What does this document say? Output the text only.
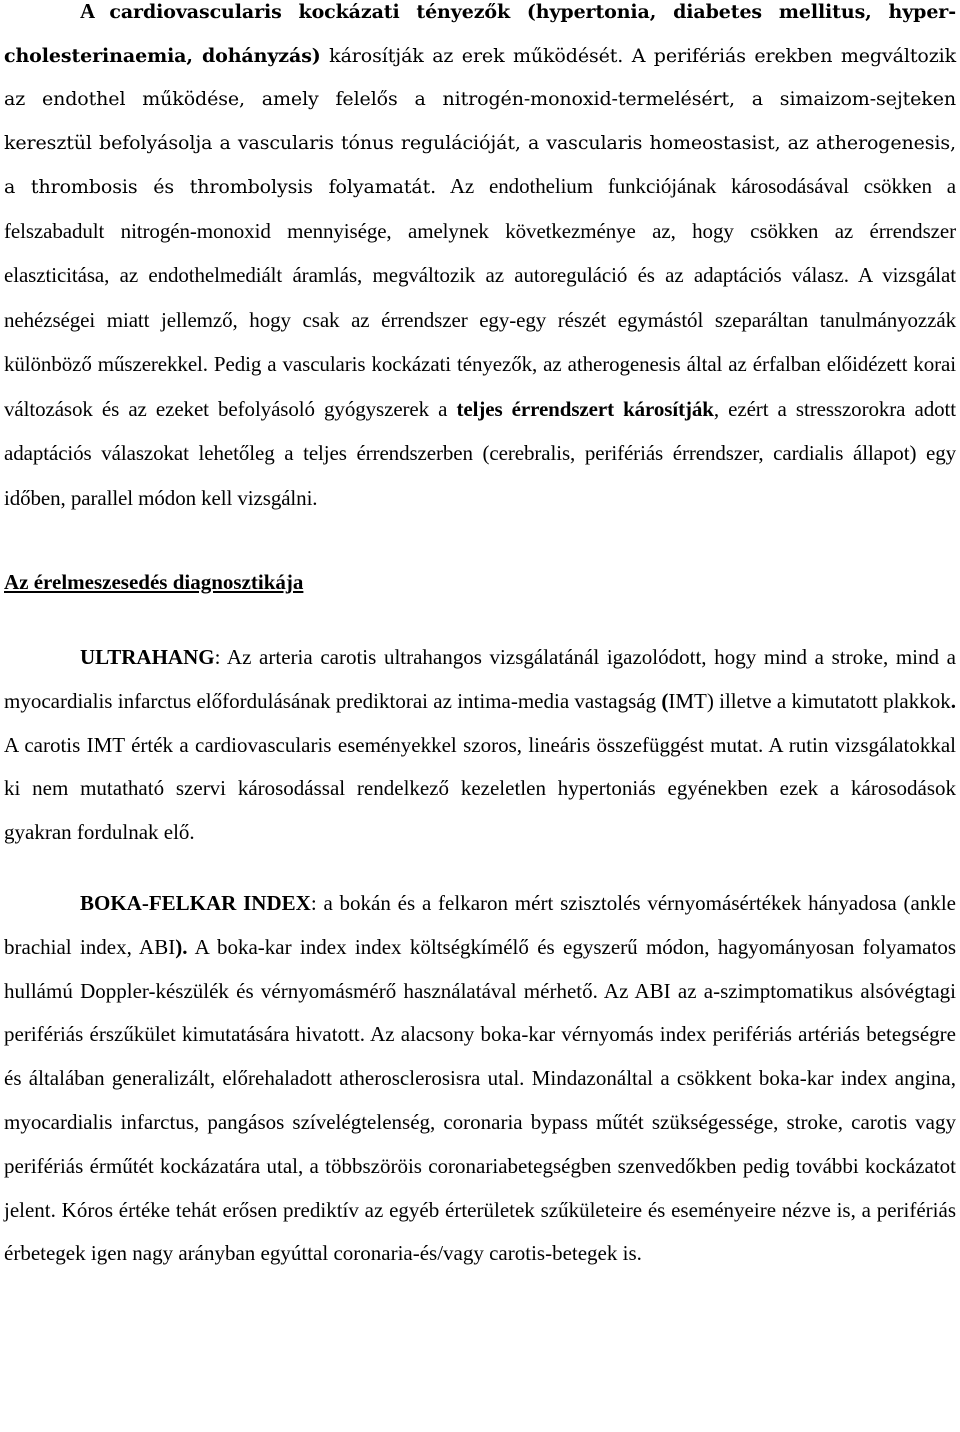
A cardiovascularis kockázati tényezők (hypertonia, diabetes mellitus, hyper-cholesterinaemia, dohányzás) károsítják az erek működését. A perifériás erekben megváltozik az endothel működése, amely felelős a nitrogén-monoxid-termelésért, a simaizom-sejteken keresztül befolyásolja a vascularis tónus regulációját, a vascularis homeostasist, az atherogenesis, a thrombosis és thrombolysis folyamatát. Az endothelium funkciójának károsodásával csökken a felszabadult nitrogén-monoxid mennyisége, amelynek következménye az, hogy csökken az érrendszer elaszticitása, az endothelmediált áramlás, megváltozik az autoreguláció és az adaptációs válasz. A vizsgálat nehézségei miatt jellemző, hogy csak az érrendszer egy-egy részét egymástól szeparáltan tanulmányozzák különböző műszerekkel. Pedig a vascularis kockázati tényezők, az atherogenesis által az érfalban előidézett korai változások és az ezeket befolyásoló gyógyszerek a teljes érrendszert károsítják, ezért a stresszorokra adott adaptációs válaszokat lehetőleg a teljes érrendszerben (cerebralis, perifériás érrendszer, cardialis állapot) egy időben, parallel módon kell vizsgálni.

Az érelmeszesedés diagnosztikája

ULTRAHANG: Az arteria carotis ultrahangos vizsgálatánál igazolódott, hogy mind a stroke, mind a myocardialis infarctus előfordulásának prediktorai az intima-media vastagság (IMT) illetve a kimutatott plakkok. A carotis IMT érték a cardiovascularis eseményekkel szoros, lineáris összefüggést mutat. A rutin vizsgálatokkal ki nem mutatható szervi károsodással rendelkező kezeletlen hypertoniás egyénekben ezek a károsodások gyakran fordulnak elő.

BOKA-FELKAR INDEX: a bokán és a felkaron mért szisztolés vérnyomásértékek hányadosa (ankle brachial index, ABI). A boka-kar index index költségkímélő és egyszerű módon, hagyományosan folyamatos hullámú Doppler-készülék és vérnyomásmérő használatával mérhető. Az ABI az a-szimptomatikus alsóvégtagi perifériás érszűkület kimutatására hivatott. Az alacsony boka-kar vérnyomás index perifériás artériás betegségre és általában generalizált, előrehaladott atherosclerosisra utal. Mindazonáltal a csökkent boka-kar index angina, myocardialis infarctus, pangásos szívelégtelenség, coronaria bypass műtét szükségessége, stroke, carotis vagy perifériás érműtét kockázatára utal, a többszöröis coronariabetegségben szenvedőkben pedig további kockázatot jelent. Kóros értéke tehát erősen prediktív az egyéb érterületek szűkületeire és eseményeire nézve is, a perifériás érbetegek igen nagy arányban egyúttal coronaria-és/vagy carotis-betegek is.
